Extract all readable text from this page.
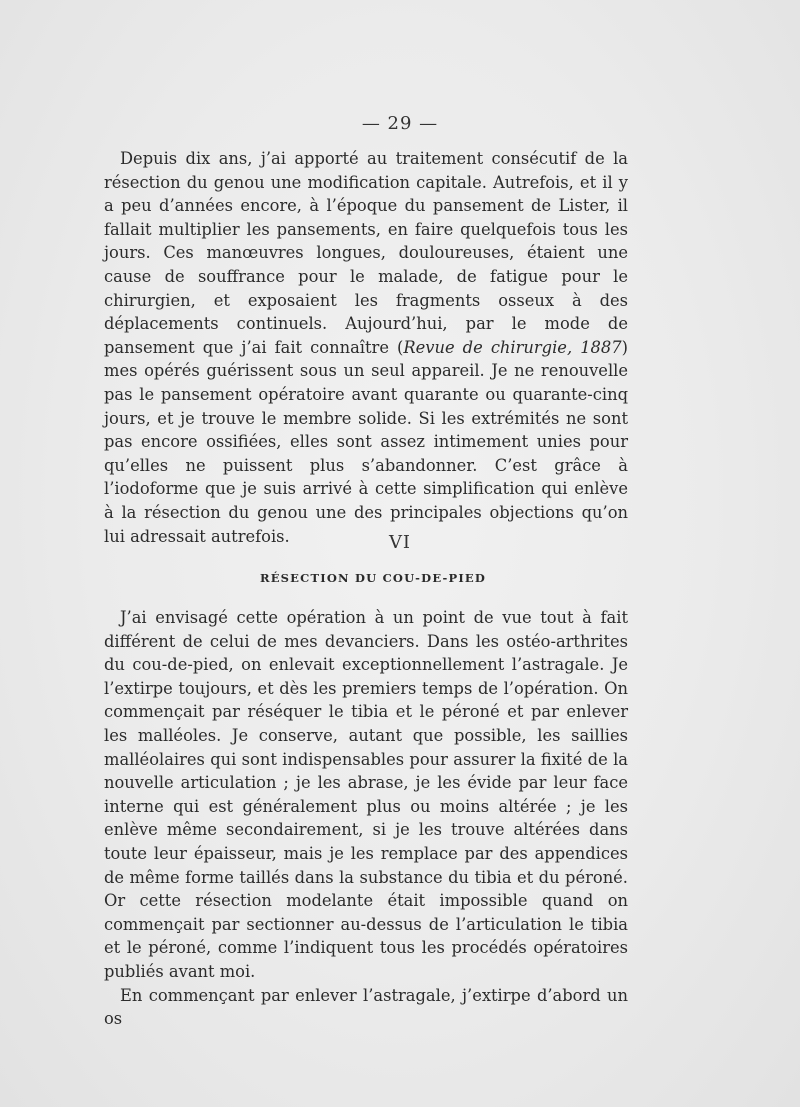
— 29 —

Depuis dix ans, j’ai apporté au traitement consécutif de la résection du genou une modification capitale. Autrefois, et il y a peu d’années encore, à l’époque du pansement de Lister, il fallait multiplier les pansements, en faire quelquefois tous les jours. Ces manœuvres longues, douloureuses, étaient une cause de souffrance pour le malade, de fatigue pour le chirurgien, et exposaient les fragments osseux à des déplacements continuels. Aujourd’hui, par le mode de pansement que j’ai fait connaître (Revue de chirurgie, 1887) mes opérés guérissent sous un seul appareil. Je ne renouvelle pas le pansement opératoire avant quarante ou quarante-cinq jours, et je trouve le membre solide. Si les extrémités ne sont pas encore ossifiées, elles sont assez intimement unies pour qu’elles ne puissent plus s’abandonner. C’est grâce à l’iodoforme que je suis arrivé à cette simplification qui enlève à la résection du genou une des principales objections qu’on lui adressait autrefois.	VI
RÉSECTION DU COU-DE-PIED

J’ai envisagé cette opération à un point de vue tout à fait différent de celui de mes devanciers. Dans les ostéo-arthrites du cou-de-pied, on enlevait exceptionnellement l’astragale. Je l’extirpe toujours, et dès les premiers temps de l’opération. On commençait par réséquer le tibia et le péroné et par enlever les malléoles. Je conserve, autant que possible, les saillies malléolaires qui sont indispensables pour assurer la fixité de la nouvelle articulation ; je les abrase, je les évide par leur face interne qui est généralement plus ou moins altérée ; je les enlève même secondairement, si je les trouve altérées dans toute leur épaisseur, mais je les remplace par des appendices de même forme taillés dans la substance du tibia et du péroné. Or cette résection modelante était impossible quand on commençait par sectionner au-dessus de l’articulation le tibia et le péroné, comme l’indiquent tous les procédés opératoires publiés avant moi.

En commençant par enlever l’astragale, j’extirpe d’abord un os
